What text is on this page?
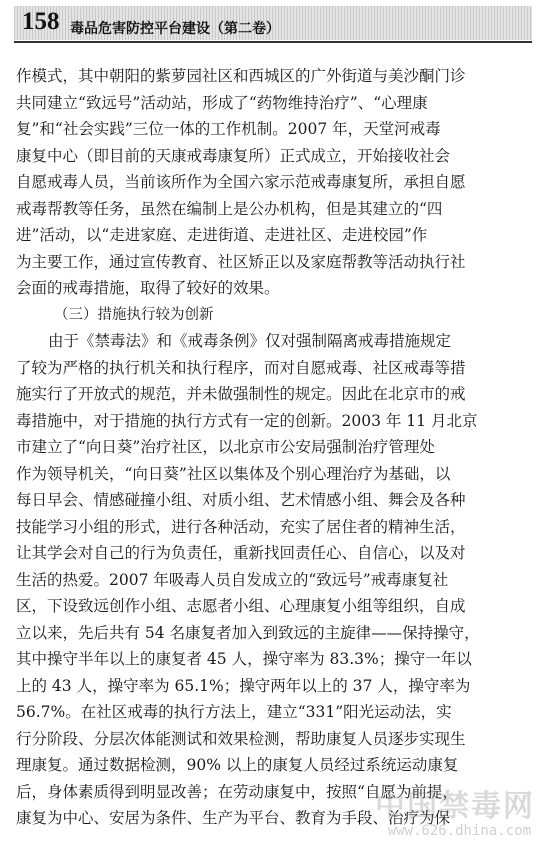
158 毒品危害防控平台建设（第二卷）
作模式，其中朝阳的紫萝园社区和西城区的广外街道与美沙酮门诊
共同建立“致远号”活动站，形成了“药物维持治疗”、“心理康
复”和“社会实践”三位一体的工作机制。2007 年，天堂河戒毒
康复中心（即目前的天康戒毒康复所）正式成立，开始接收社会
自愿戒毒人员，当前该所作为全国六家示范戒毒康复所，承担自愿
戒毒帮教等任务，虽然在编制上是公办机构，但是其建立的“四
进”活动，以“走进家庭、走进街道、走进社区、走进校园”作
为主要工作，通过宣传教育、社区矫正以及家庭帮教等活动执行社
会面的戒毒措施，取得了较好的效果。
（三）措施执行较为创新
由于《禁毒法》和《戒毒条例》仅对强制隔离戒毒措施规定
了较为严格的执行机关和执行程序，而对自愿戒毒、社区戒毒等措
施实行了开放式的规范，并未做强制性的规定。因此在北京市的戒
毒措施中，对于措施的执行方式有一定的创新。2003 年 11 月北京
市建立了“向日葵”治疗社区，以北京市公安局强制治疗管理处
作为领导机关，“向日葵”社区以集体及个别心理治疗为基础，以
每日早会、情感碰撞小组、对质小组、艺术情感小组、舞会及各种
技能学习小组的形式，进行各种活动，充实了居住者的精神生活，
让其学会对自己的行为负责任，重新找回责任心、自信心，以及对
生活的热爱。2007 年吸毒人员自发成立的“致远号”戒毒康复社
区，下设致远创作小组、志愿者小组、心理康复小组等组织，自成
立以来，先后共有 54 名康复者加入到致远的主旋律——保持操守，
其中操守半年以上的康复者 45 人，操守率为 83.3%；操守一年以
上的 43 人，操守率为 65.1%；操守两年以上的 37 人，操守率为
56.7%。在社区戒毒的执行方法上，建立“331”阳光运动法，实
行分阶段、分层次体能测试和效果检测，帮助康复人员逐步实现生
理康复。通过数据检测，90% 以上的康复人员经过系统运动康复
后，身体素质得到明显改善；在劳动康复中，按照“自愿为前提，
康复为中心、安居为条件、生产为平台、教育为手段、治疗为保
中国禁毒网
www.626.dhina.com
